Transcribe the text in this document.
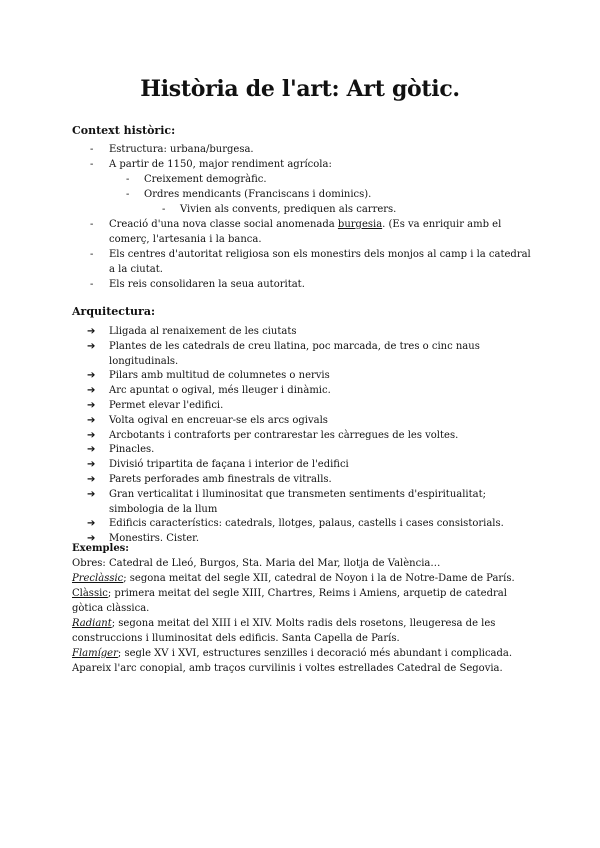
Història de l'art: Art gòtic.
Context històric:
-	Estructura: urbana/burgesa.
-	A partir de 1150, major rendiment agrícola:
-	Creixement demogràfic.
-	Ordres mendicants (Franciscans i dominics).
-	Vivien als convents, prediquen als carrers.
-	Creació d'una nova classe social anomenada burgesia. (Es va enriquir amb el comerç, l'artesania i la banca.
-	Els centres d'autoritat religiosa son els monestirs dels monjos al camp i la catedral a la ciutat.
-	Els reis consolidaren la seua autoritat.
Arquitectura:
➔ Lligada al renaixement de les ciutats
➔ Plantes de les catedrals de creu llatina, poc marcada, de tres o cinc naus longitudinals.
➔ Pilars amb multitud de columnetes o nervis
➔ Arc apuntat o ogival, més lleuger i dinàmic.
➔ Permet elevar l'edifici.
➔ Volta ogival en encreuar-se els arcs ogivals
➔ Arcbotants i contraforts per contrarestar les càrregues de les voltes.
➔ Pinacles.
➔ Divisió tripartita de façana i interior de l'edifici
➔ Parets perforades amb finestrals de vitralls.
➔ Gran verticalitat i lluminositat que transmeten sentiments d'espiritualitat; simbologia de la llum
➔ Edificis característics: catedrals, llotges, palaus, castells i cases consistorials.
➔ Monestirs. Cister.

Exemples:

Obres: Catedral de Lleó, Burgos, Sta. Maria del Mar, llotja de València…

Preclàssic; segona meitat del segle XII, catedral de Noyon i la de Notre-Dame de París.

Clàssic; primera meitat del segle XIII, Chartres, Reims i Amiens, arquetip de catedral gòtica clàssica.

Radiant; segona meitat del XIII i el XIV. Molts radis dels rosetons, lleugeresa de les construccions i lluminositat dels edificis. Santa Capella de París.

Flamíger; segle XV i XVI, estructures senzilles i decoració més abundant i complicada. Apareix l'arc conopial, amb traços curvilinis i voltes estrellades Catedral de Segovia.
